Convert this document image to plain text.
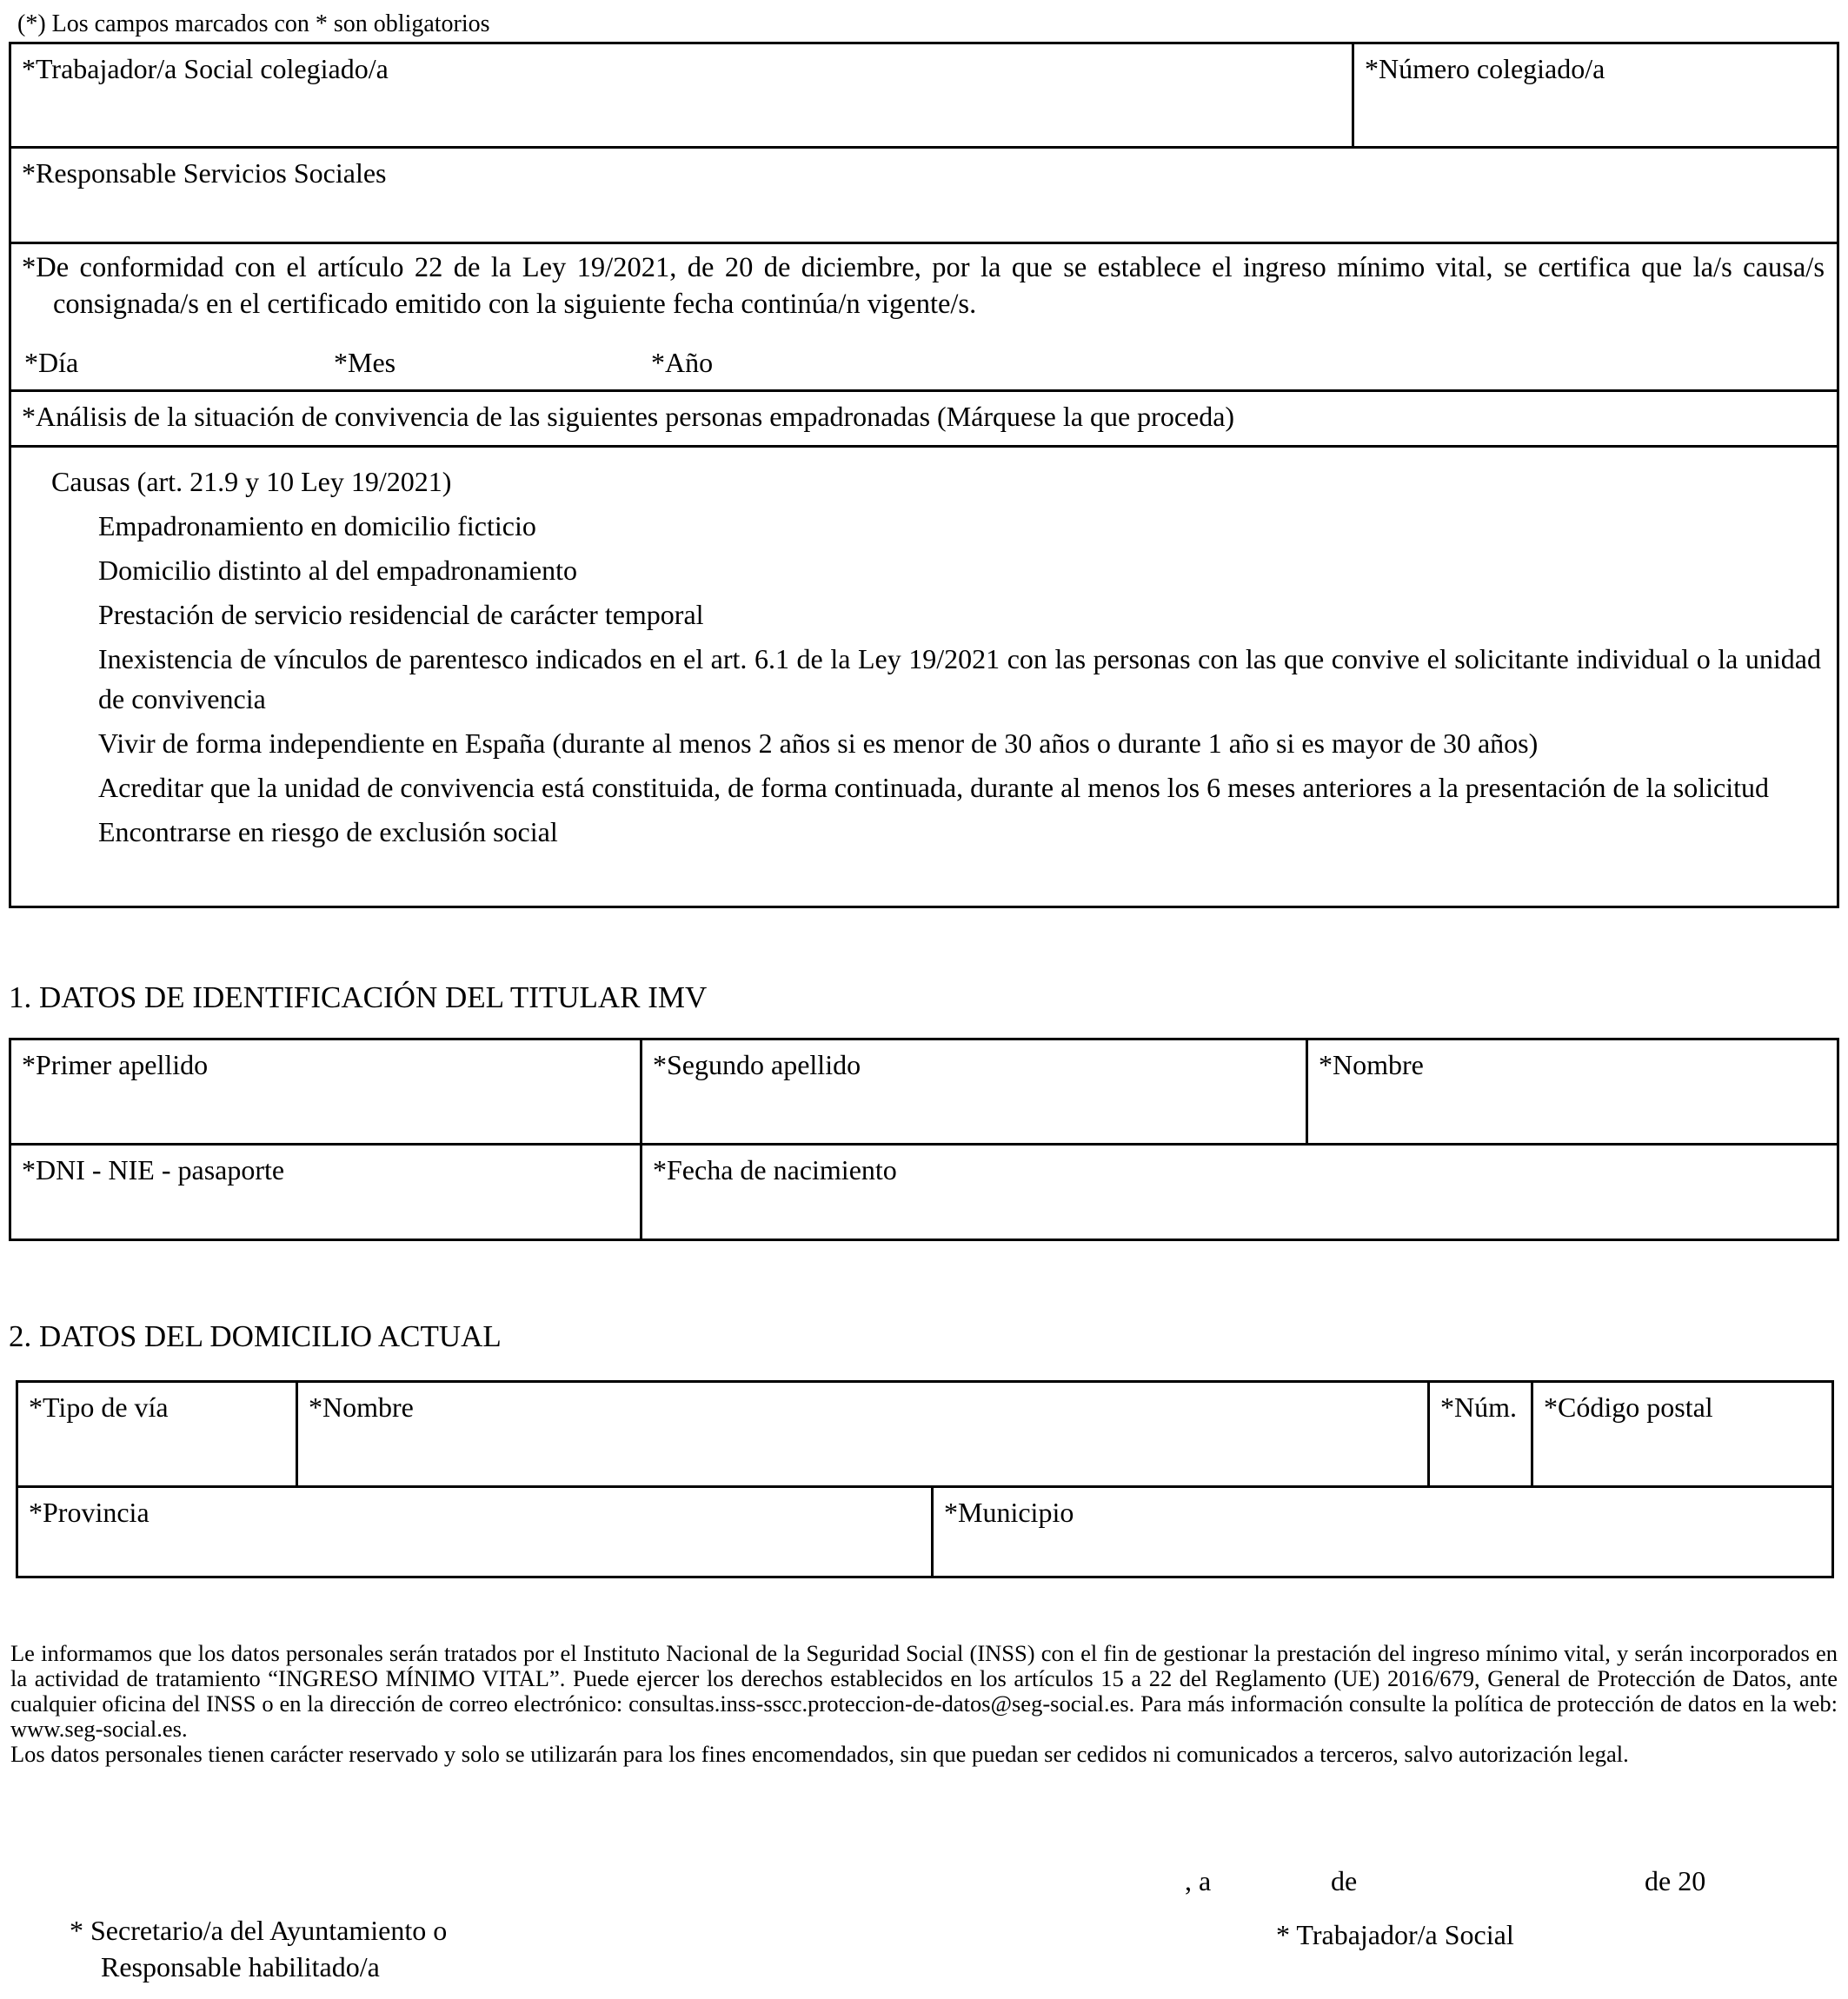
(*) Los campos marcados con * son obligatorios
*Trabajador/a Social colegiado/a	*Número colegiado/a
*Responsable Servicios Sociales
*De conformidad con el artículo 22 de la Ley 19/2021, de 20 de diciembre, por la que se establece el ingreso mínimo vital, se certifica que la/s causa/s consignada/s en el certificado emitido con la siguiente fecha continúa/n vigente/s.
*Día	*Mes	*Año
*Análisis de la situación de convivencia de las siguientes personas empadronadas (Márquese la que proceda)
Causas (art. 21.9 y 10 Ley 19/2021)
Empadronamiento en domicilio ficticio
Domicilio distinto al del empadronamiento
Prestación de servicio residencial de carácter temporal
Inexistencia de vínculos de parentesco indicados en el art. 6.1 de la Ley 19/2021 con las personas con las que convive el solicitante individual o la unidad de convivencia
Vivir de forma independiente en España (durante al menos 2 años si es menor de 30 años o durante 1 año si es mayor de 30 años)
Acreditar que la unidad de convivencia está constituida, de forma continuada, durante al menos los 6 meses anteriores a la presentación de la solicitud
Encontrarse en riesgo de exclusión social
1. DATOS DE IDENTIFICACIÓN DEL TITULAR IMV
*Primer apellido	*Segundo apellido	*Nombre
*DNI - NIE - pasaporte	*Fecha de nacimiento
2. DATOS DEL DOMICILIO ACTUAL
*Tipo de vía	*Nombre	*Núm. *Código postal
*Provincia	*Municipio
Le informamos que los datos personales serán tratados por el Instituto Nacional de la Seguridad Social (INSS) con el fin de gestionar la prestación del ingreso mínimo vital, y serán incorporados en la actividad de tratamiento “INGRESO MÍNIMO VITAL”. Puede ejercer los derechos establecidos en los artículos 15 a 22 del Reglamento (UE) 2016/679, General de Protección de Datos, ante cualquier oficina del INSS o en la dirección de correo electrónico: consultas.inss-sscc.proteccion-de-datos@seg-social.es. Para más información consulte la política de protección de datos en la web: www.seg-social.es.
Los datos personales tienen carácter reservado y solo se utilizarán para los fines encomendados, sin que puedan ser cedidos ni comunicados a terceros, salvo autorización legal.
, a	de	de 20
* Secretario/a del Ayuntamiento o
Responsable habilitado/a
* Trabajador/a Social
